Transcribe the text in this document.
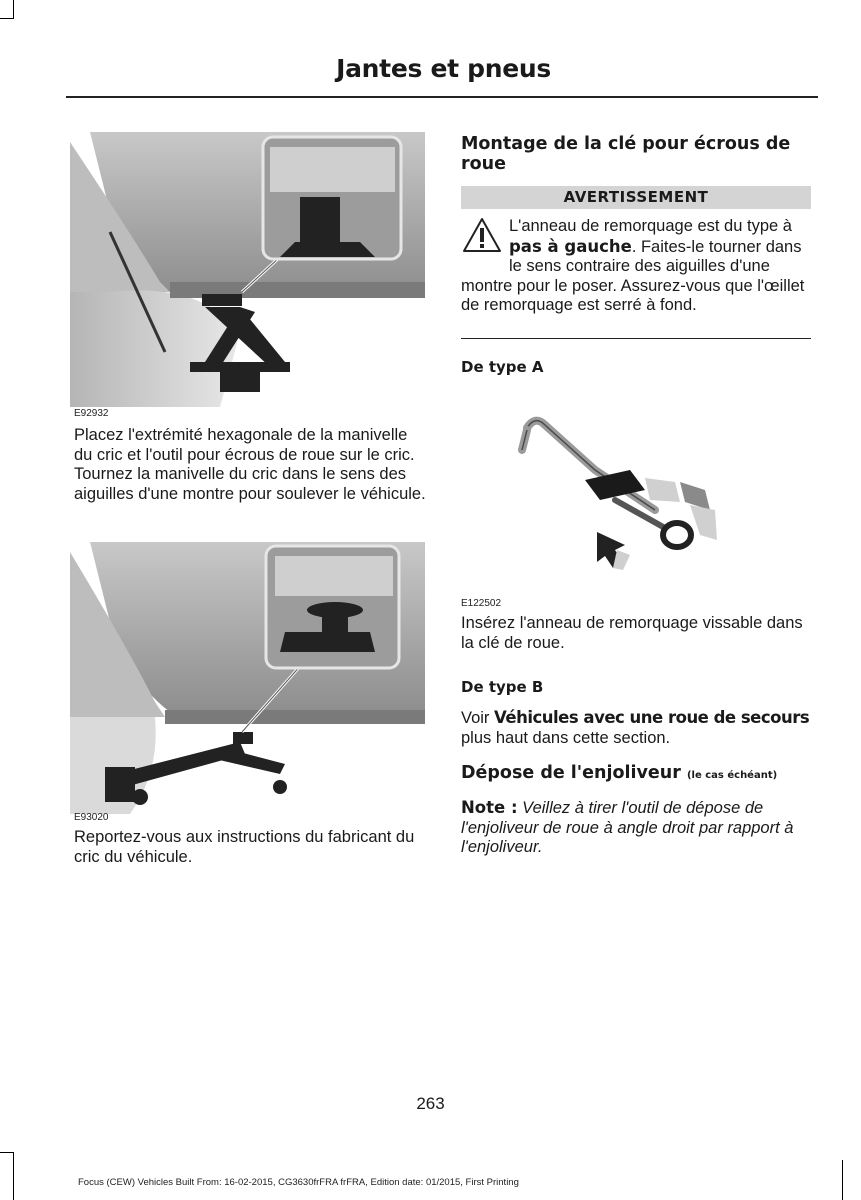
Jantes et pneus
E92932
Placez l'extrémité hexagonale de la manivelle du cric et l'outil pour écrous de roue sur le cric. Tournez la manivelle du cric dans le sens des aiguilles d'une montre pour soulever le véhicule.
E93020
Reportez-vous aux instructions du fabricant du cric du véhicule.
Montage de la clé pour écrous de roue
AVERTISSEMENT
L'anneau de remorquage est du type à pas à gauche. Faites-le tourner dans le sens contraire des aiguilles d'une montre pour le poser. Assurez-vous que l'œillet de remorquage est serré à fond.
De type A
E122502
Insérez l'anneau de remorquage vissable dans la clé de roue.
De type B
Voir Véhicules avec une roue de secours plus haut dans cette section.
Dépose de l'enjoliveur (le cas échéant)
Note : Veillez à tirer l'outil de dépose de l'enjoliveur de roue à angle droit par rapport à l'enjoliveur.
263
Focus (CEW) Vehicles Built From: 16-02-2015, CG3630frFRA frFRA, Edition date: 01/2015, First Printing
